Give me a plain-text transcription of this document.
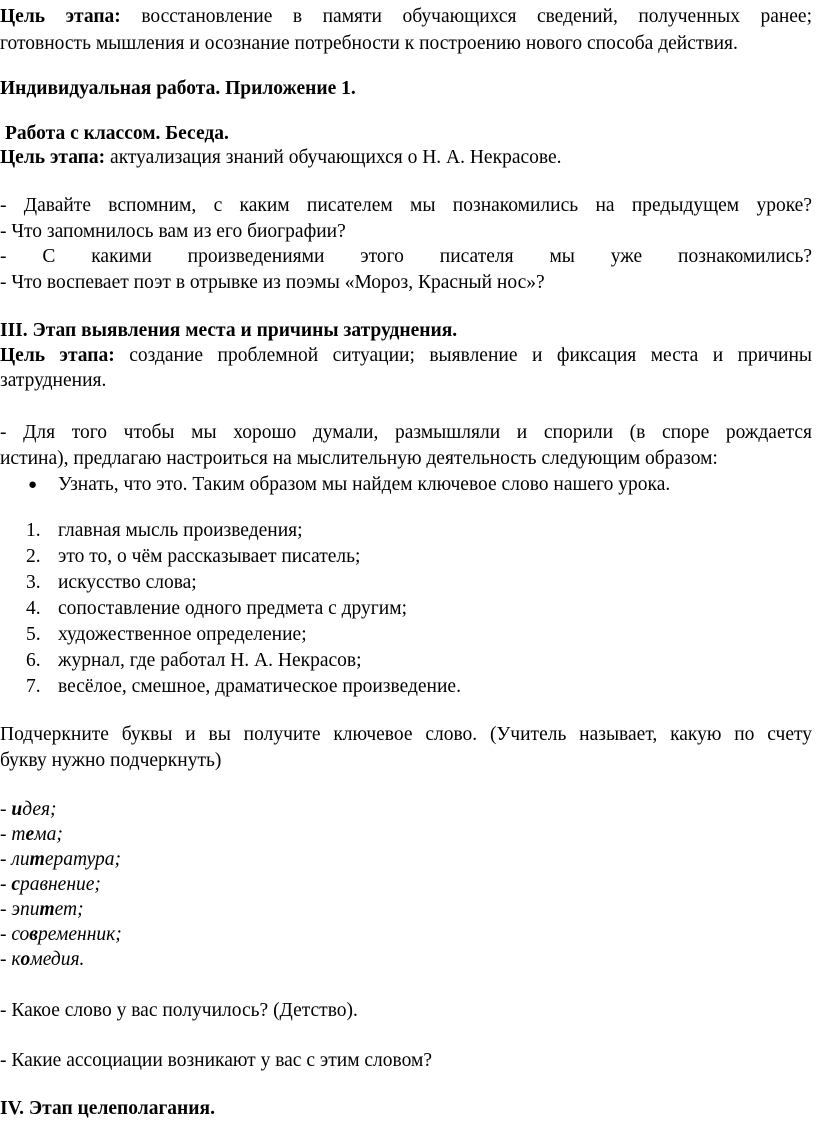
Цель этапа: восстановление в памяти обучающихся сведений, полученных ранее;
готовность мышления и осознание потребности к построению нового способа действия.
Индивидуальная работа. Приложение 1.
Работа с классом. Беседа.
Цель этапа: актуализация знаний обучающихся о Н. А. Некрасове.
- Давайте вспомним, с каким писателем мы познакомились на предыдущем уроке?
- Что запомнилось вам из его биографии?
- С какими произведениями этого писателя мы уже познакомились?
- Что воспевает поэт в отрывке из поэмы «Мороз, Красный нос»?
III. Этап выявления места и причины затруднения.
Цель этапа: создание проблемной ситуации; выявление и фиксация места и причины
затруднения.
- Для того чтобы мы хорошо думали, размышляли и спорили (в споре рождается
истина), предлагаю настроиться на мыслительную деятельность следующим образом:
● Узнать, что это. Таким образом мы найдем ключевое слово нашего урока.
1. главная мысль произведения;
2. это то, о чём рассказывает писатель;
3. искусство слова;
4. сопоставление одного предмета с другим;
5. художественное определение;
6. журнал, где работал Н. А. Некрасов;
7. весёлое, смешное, драматическое произведение.
Подчеркните буквы и вы получите ключевое слово. (Учитель называет, какую по счету
букву нужно подчеркнуть)
- идея;
- тема;
- литература;
- сравнение;
- эпитет;
- современник;
- комедия.
- Какое слово у вас получилось? (Детство).
- Какие ассоциации возникают у вас с этим словом?
IV. Этап целеполагания.
